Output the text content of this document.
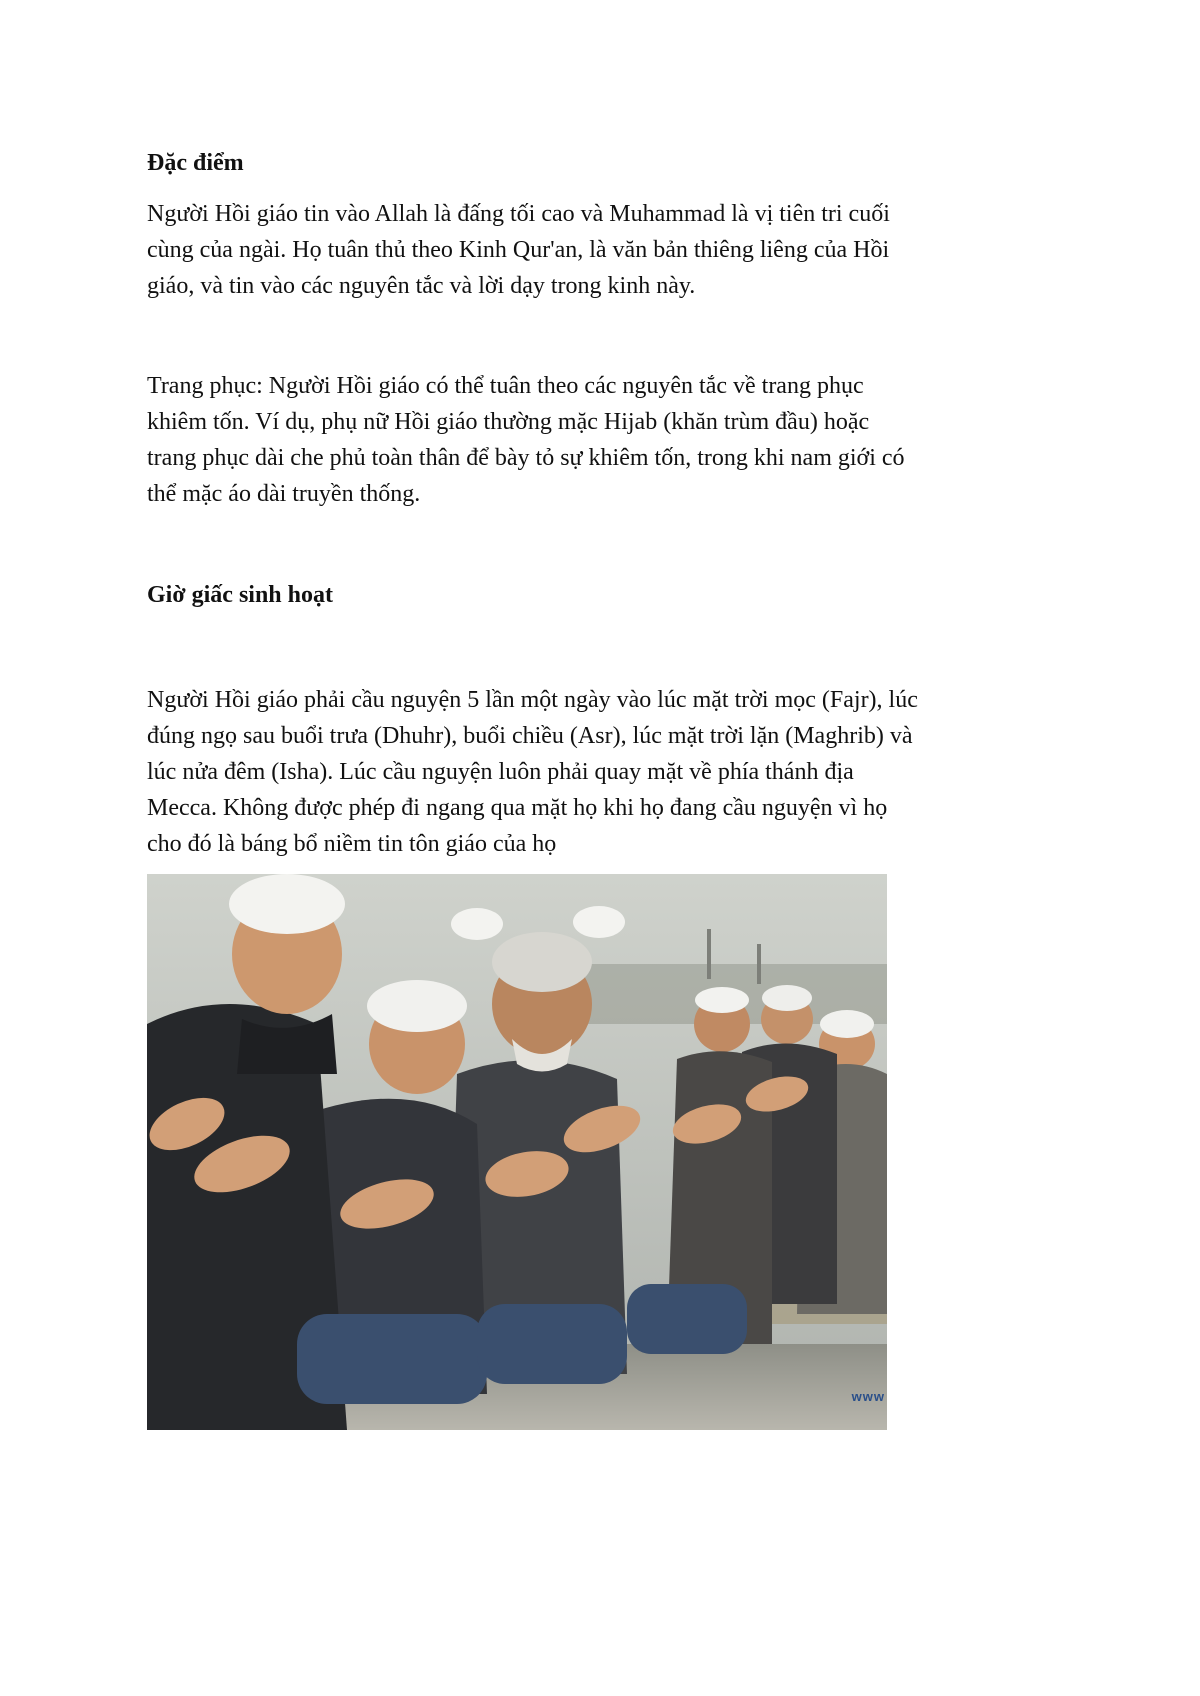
Đặc điểm

Người Hồi giáo tin vào Allah là đấng tối cao và Muhammad là vị tiên tri cuối
cùng của ngài. Họ tuân thủ theo Kinh Qur'an, là văn bản thiêng liêng của Hồi
giáo, và tin vào các nguyên tắc và lời dạy trong kinh này.

Trang phục: Người Hồi giáo có thể tuân theo các nguyên tắc về trang phục
khiêm tốn. Ví dụ, phụ nữ Hồi giáo thường mặc Hijab (khăn trùm đầu) hoặc
trang phục dài che phủ toàn thân để bày tỏ sự khiêm tốn, trong khi nam giới có
thể mặc áo dài truyền thống.

Giờ giấc sinh hoạt

Người Hồi giáo phải cầu nguyện 5 lần một ngày vào lúc mặt trời mọc (Fajr), lúc
đúng ngọ sau buổi trưa (Dhuhr), buổi chiều (Asr), lúc mặt trời lặn (Maghrib) và
lúc nửa đêm (Isha). Lúc cầu nguyện luôn phải quay mặt về phía thánh địa
Mecca. Không được phép đi ngang qua mặt họ khi họ đang cầu nguyện vì họ
cho đó là báng bổ niềm tin tôn giáo của họ

www
